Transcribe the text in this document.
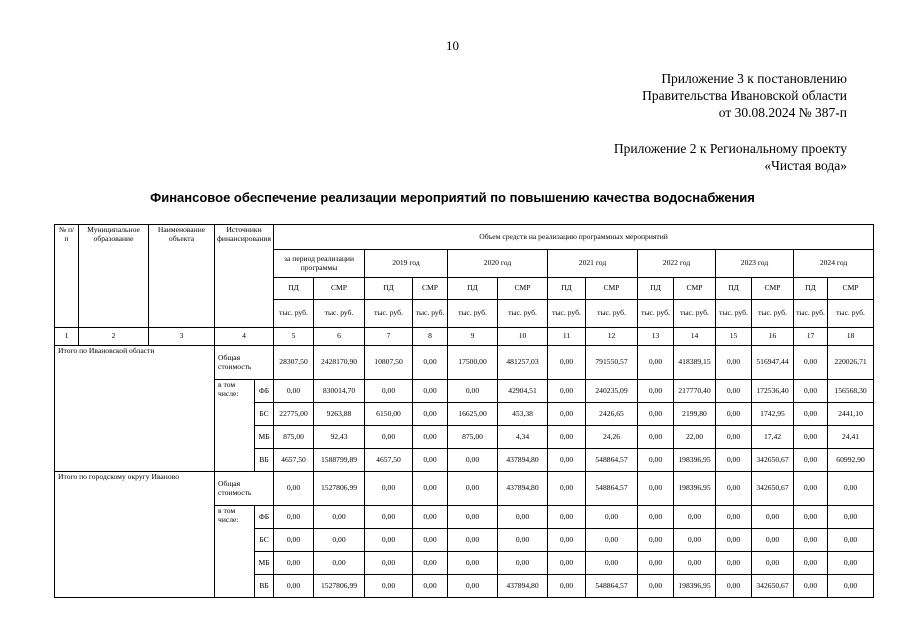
10
Приложение 3 к постановлению
Правительства Ивановской области
от 30.08.2024 № 387-п
Приложение 2 к Региональному проекту
«Чистая вода»
Финансовое обеспечение реализации мероприятий по повышению качества водоснабжения
№ п/п	Муниципальное образование	Наименование объекта	Источники финансирования		Объем средств на реализацию программных мероприятий													
					за период реализации программы		2019 год		2020 год		2021 год		2022 год		2023 год		2024 год	
					ПД	СМР	ПД	СМР	ПД	СМР	ПД	СМР	ПД	СМР	ПД	СМР	ПД	СМР
					тыс. руб.	тыс. руб.	тыс. руб.	тыс. руб.	тыс. руб.	тыс. руб.	тыс. руб.	тыс. руб.	тыс. руб.	тыс. руб.	тыс. руб.	тыс. руб.	тыс. руб.	тыс. руб.
1	2	3	4		5	6	7	8	9	10	11	12	13	14	15	16	17	18
Итого по Ивановской области			Общая стоимость		28307,50	2428170,90	10807,50	0,00	17500,00	481257,03	0,00	791550,57	0,00	418389,15	0,00	516947,44	0,00	220026,71
			в том числе:	ФБ	0,00	830014,70	0,00	0,00	0,00	42904,51	0,00	240235,09	0,00	217770,40	0,00	172536,40	0,00	156568,30
				БС	22775,00	9263,88	6150,00	0,00	16625,00	453,38	0,00	2426,65	0,00	2199,80	0,00	1742,95	0,00	2441,10
				МБ	875,00	92,43	0,00	0,00	875,00	4,34	0,00	24,26	0,00	22,00	0,00	17,42	0,00	24,41
				ВБ	4657,50	1588799,89	4657,50	0,00	0,00	437894,80	0,00	548864,57	0,00	198396,95	0,00	342650,67	0,00	60992,90
Итого по городскому округу Иваново			Общая стоимость		0,00	1527806,99	0,00	0,00	0,00	437894,80	0,00	548864,57	0,00	198396,95	0,00	342650,67	0,00	0,00
			в том числе:	ФБ	0,00	0,00	0,00	0,00	0,00	0,00	0,00	0,00	0,00	0,00	0,00	0,00	0,00	0,00
				БС	0,00	0,00	0,00	0,00	0,00	0,00	0,00	0,00	0,00	0,00	0,00	0,00	0,00	0,00
				МБ	0,00	0,00	0,00	0,00	0,00	0,00	0,00	0,00	0,00	0,00	0,00	0,00	0,00	0,00
				ВБ	0,00	1527806,99	0,00	0,00	0,00	437894,80	0,00	548864,57	0,00	198396,95	0,00	342650,67	0,00	0,00
